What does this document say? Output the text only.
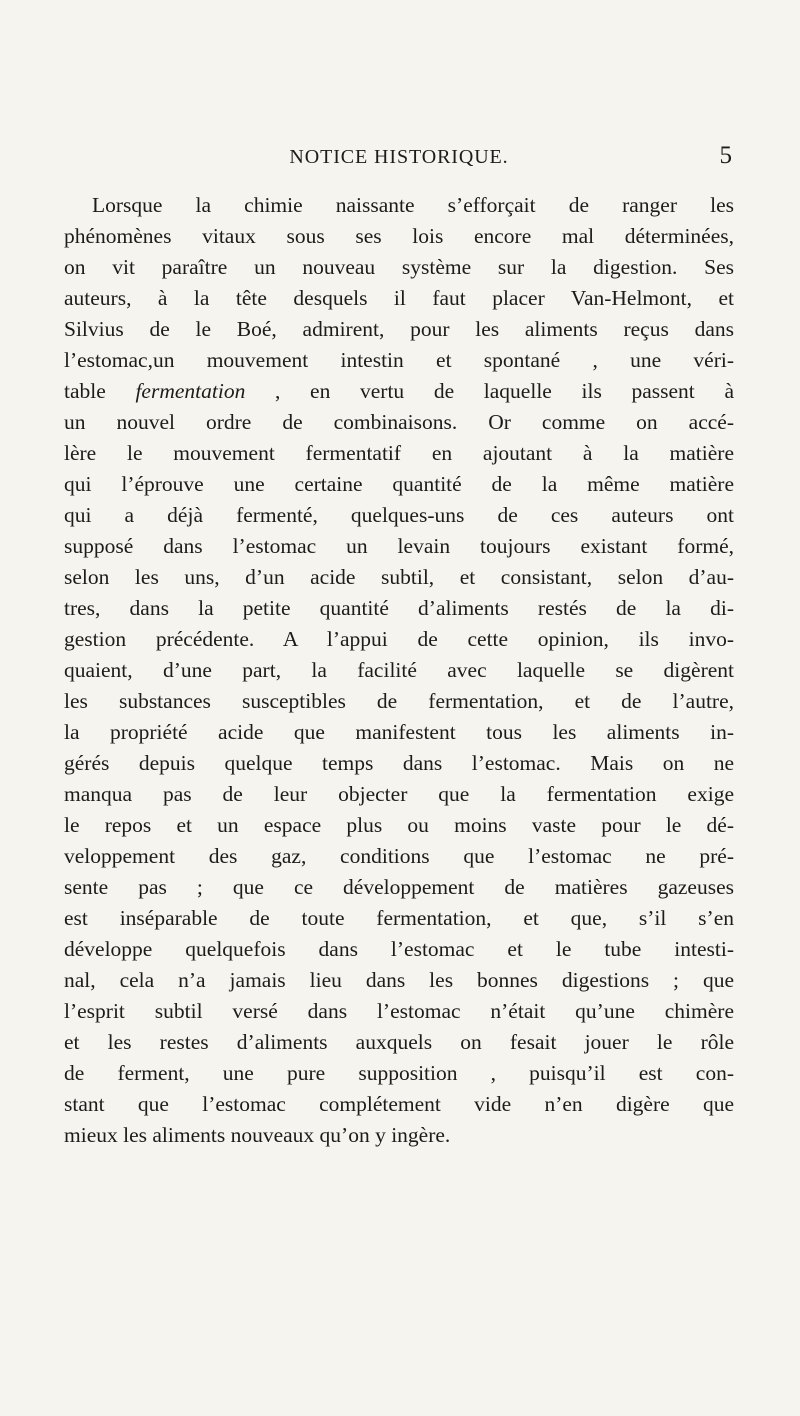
NOTICE HISTORIQUE.	5
Lorsque la chimie naissante s’efforçait de ranger les
phénomènes vitaux sous ses lois encore mal déterminées,
on vit paraître un nouveau système sur la digestion. Ses
auteurs, à la tête desquels il faut placer Van-Helmont, et
Silvius de le Boé, admirent, pour les aliments reçus dans
l’estomac,un mouvement intestin et spontané , une véri-
table fermentation , en vertu de laquelle ils passent à
un nouvel ordre de combinaisons. Or comme on accé-
lère le mouvement fermentatif en ajoutant à la matière
qui l’éprouve une certaine quantité de la même matière
qui a déjà fermenté, quelques-uns de ces auteurs ont
supposé dans l’estomac un levain toujours existant formé,
selon les uns, d’un acide subtil, et consistant, selon d’au-
tres, dans la petite quantité d’aliments restés de la di-
gestion précédente. A l’appui de cette opinion, ils invo-
quaient, d’une part, la facilité avec laquelle se digèrent
les substances susceptibles de fermentation, et de l’autre,
la propriété acide que manifestent tous les aliments in-
gérés depuis quelque temps dans l’estomac. Mais on ne
manqua pas de leur objecter que la fermentation exige
le repos et un espace plus ou moins vaste pour le dé-
veloppement des gaz, conditions que l’estomac ne pré-
sente pas ; que ce développement de matières gazeuses
est inséparable de toute fermentation, et que, s’il s’en
développe quelquefois dans l’estomac et le tube intesti-
nal, cela n’a jamais lieu dans les bonnes digestions ; que
l’esprit subtil versé dans l’estomac n’était qu’une chimère
et les restes d’aliments auxquels on fesait jouer le rôle
de ferment, une pure supposition , puisqu’il est con-
stant que l’estomac complétement vide n’en digère que
mieux les aliments nouveaux qu’on y ingère.
